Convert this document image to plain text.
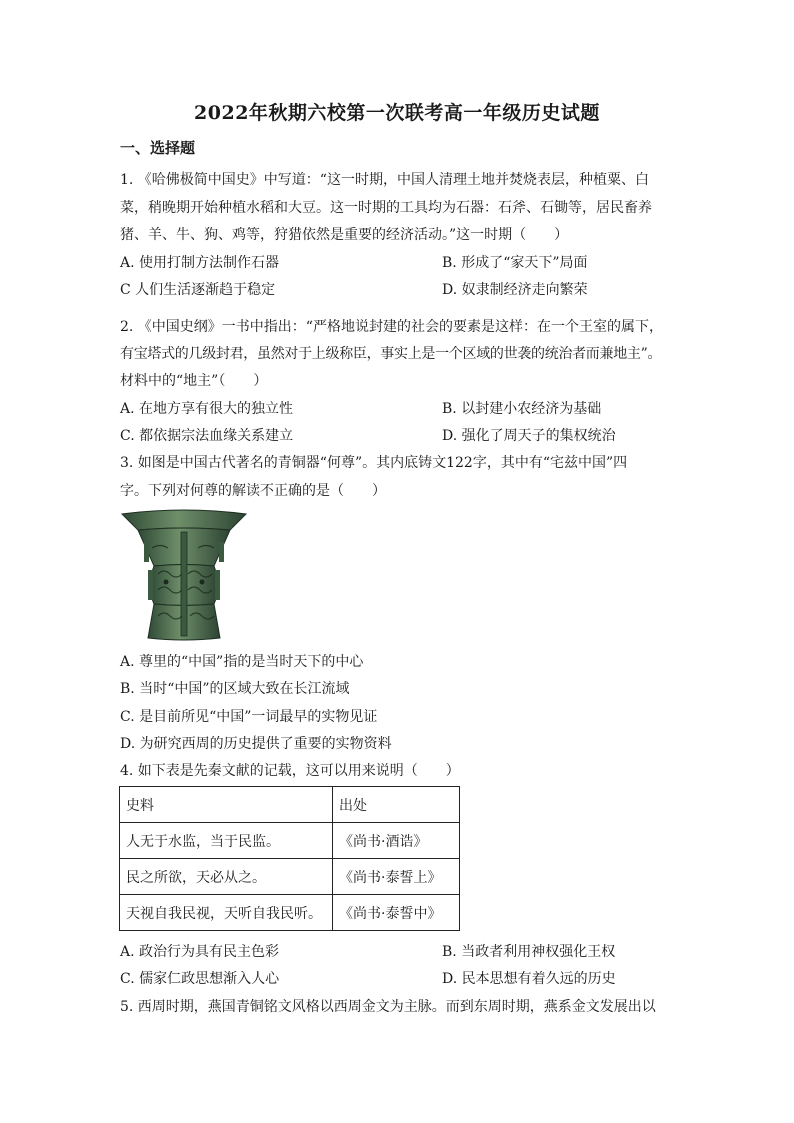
2022年秋期六校第一次联考高一年级历史试题
一、选择题
1. 《哈佛极简中国史》中写道：“这一时期，中国人清理土地并焚烧表层，种植粟、白
菜，稍晚期开始种植水稻和大豆。这一时期的工具均为石器：石斧、石锄等，居民畜养
猪、羊、牛、狗、鸡等，狩猎依然是重要的经济活动。”这一时期（　　）
A. 使用打制方法制作石器	B. 形成了“家天下”局面
C 人们生活逐渐趋于稳定	D. 奴隶制经济走向繁荣
2. 《中国史纲》一书中指出：“严格地说封建的社会的要素是这样：在一个王室的属下，
有宝塔式的几级封君，虽然对于上级称臣，事实上是一个区域的世袭的统治者而兼地主”。
材料中的“地主”（　　）
A. 在地方享有很大的独立性	B. 以封建小农经济为基础
C. 都依据宗法血缘关系建立	D. 强化了周天子的集权统治
3. 如图是中国古代著名的青铜器“何尊”。其内底铸文122字，其中有“宅兹中国”四
字。下列对何尊的解读不正确的是（　　）
A. 尊里的“中国”指的是当时天下的中心
B. 当时“中国”的区域大致在长江流域
C. 是目前所见“中国”一词最早的实物见证
D. 为研究西周的历史提供了重要的实物资料
4. 如下表是先秦文献的记载，这可以用来说明（　　）
史料	出处
人无于水监，当于民监。	《尚书·酒诰》
民之所欲，天必从之。	《尚书·泰誓上》
天视自我民视，天听自我民听。	《尚书·泰誓中》
A. 政治行为具有民主色彩	B. 当政者利用神权强化王权
C. 儒家仁政思想渐入人心	D. 民本思想有着久远的历史
5. 西周时期，燕国青铜铭文风格以西周金文为主脉。而到东周时期，燕系金文发展出以
